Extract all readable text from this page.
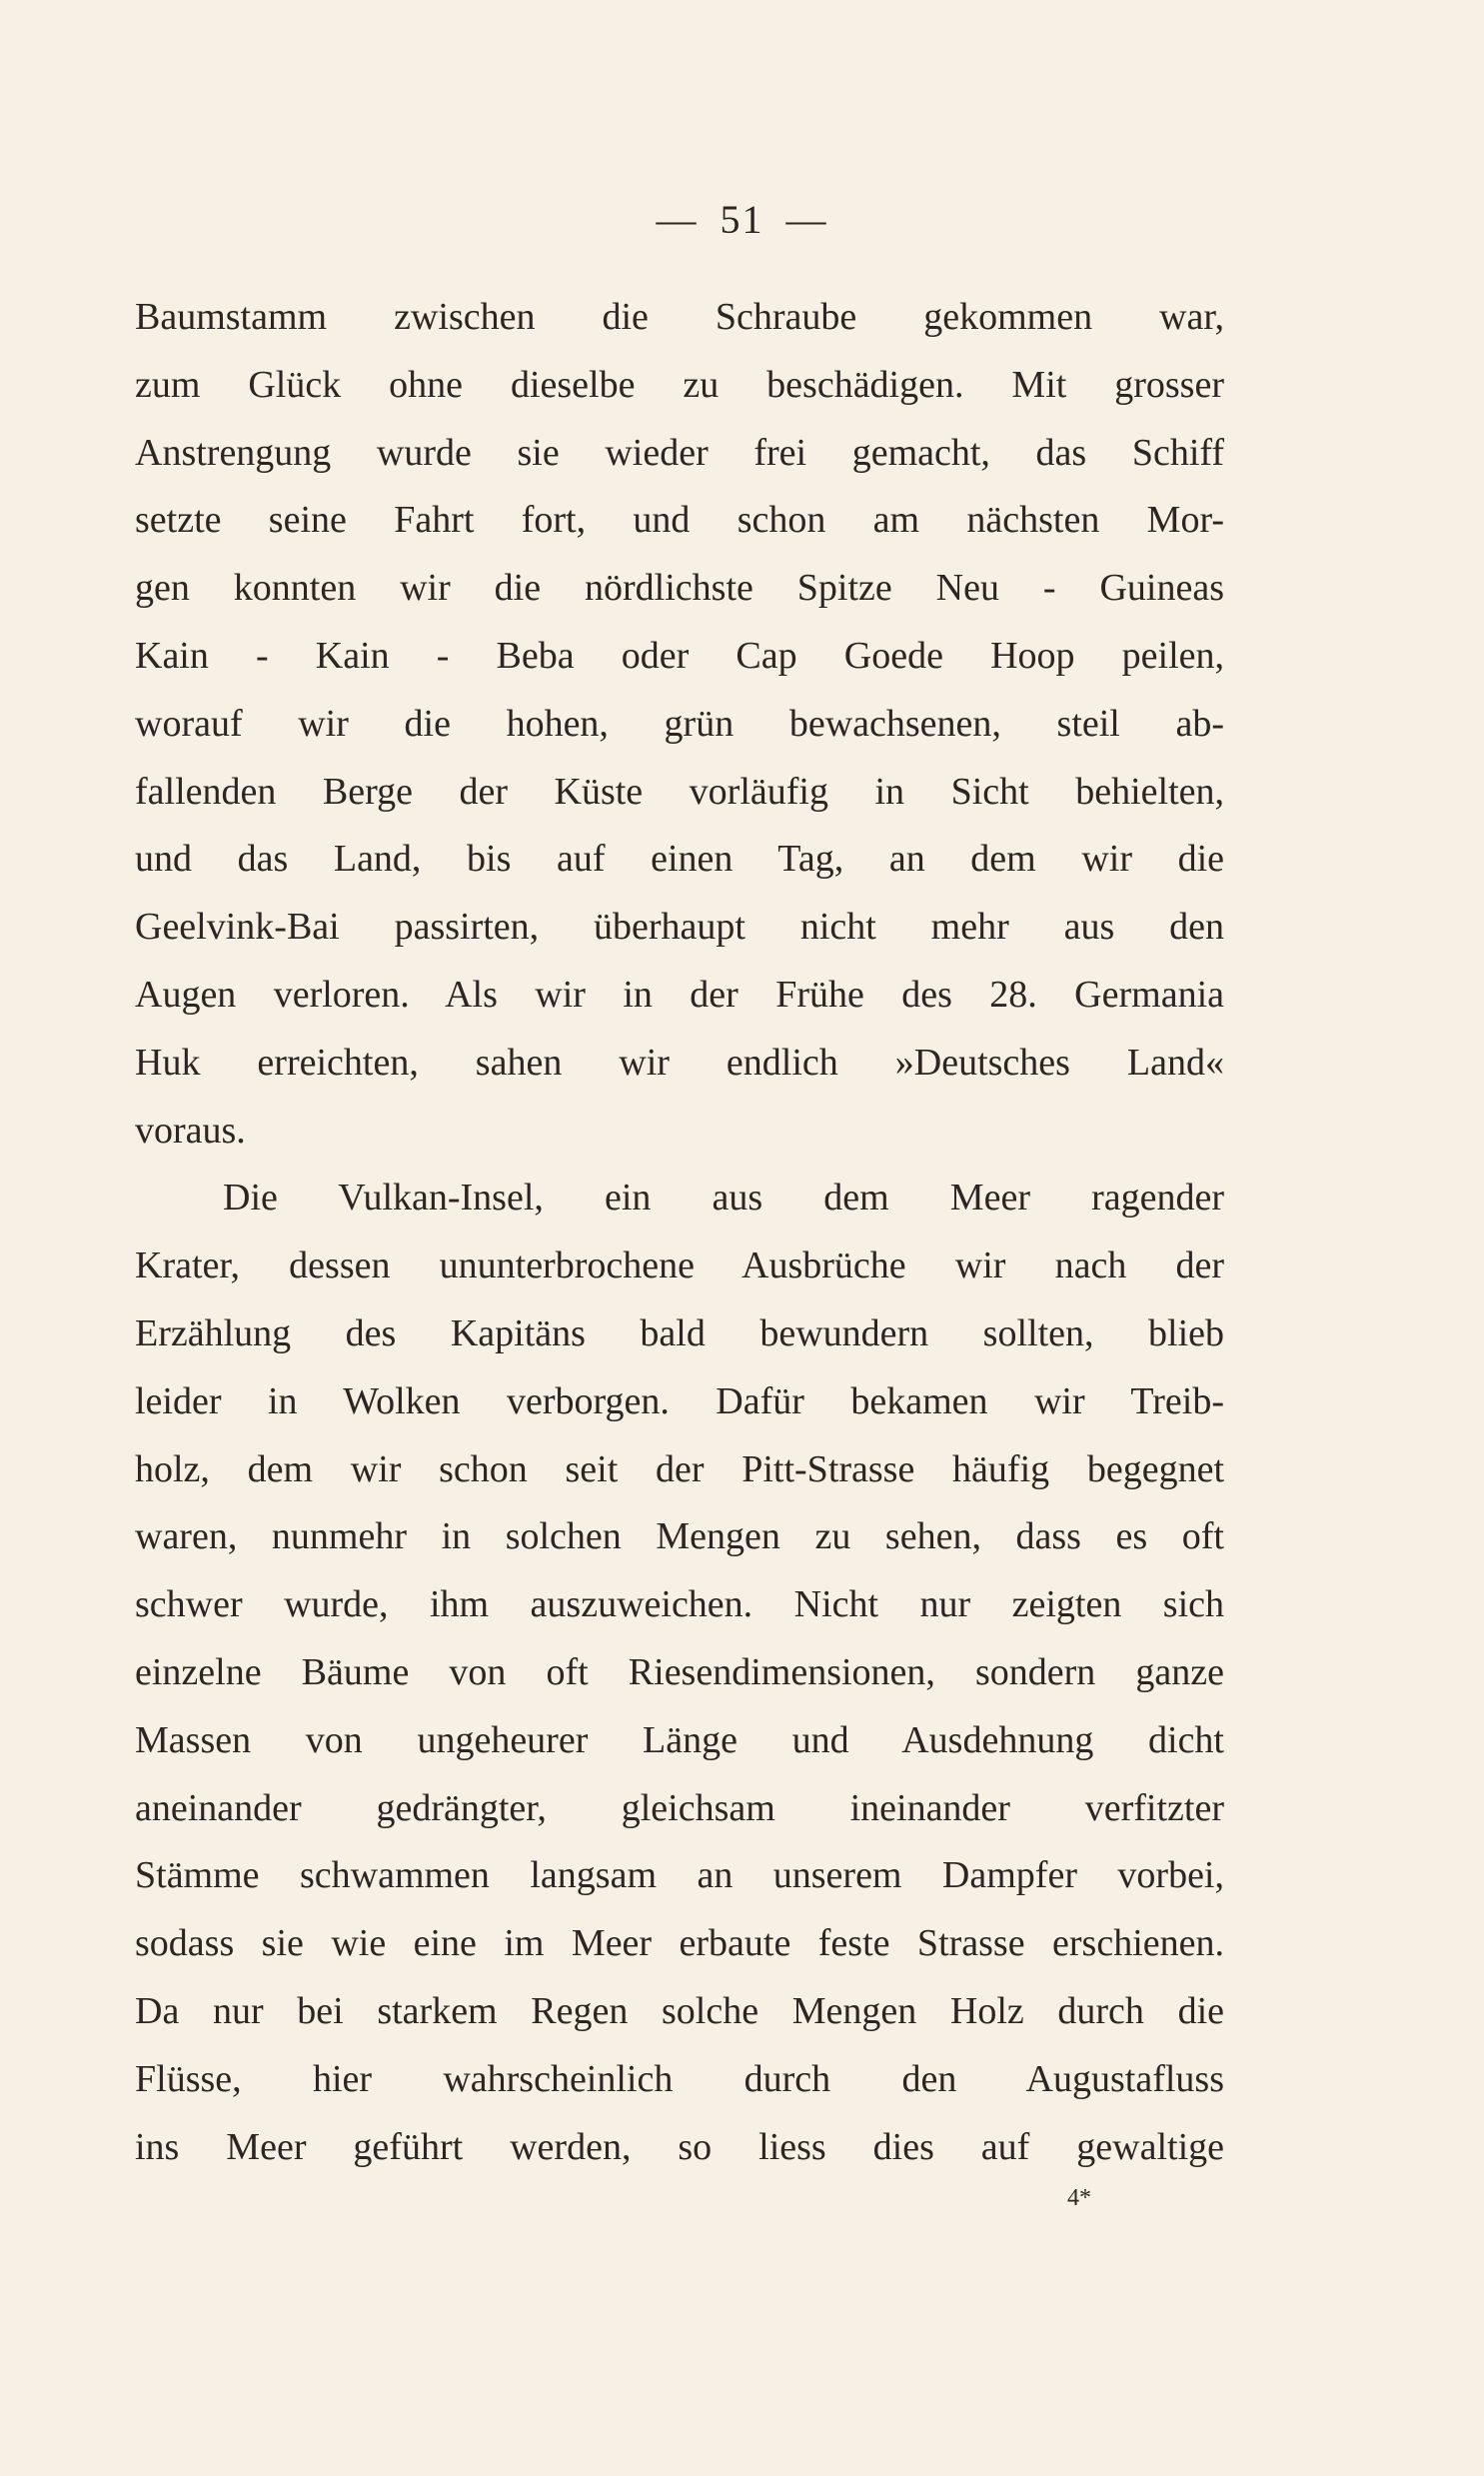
— 51 —
Baumstamm zwischen die Schraube gekommen war,
zum Glück ohne dieselbe zu beschädigen. Mit grosser
Anstrengung wurde sie wieder frei gemacht, das Schiff
setzte seine Fahrt fort, und schon am nächsten Mor-
gen konnten wir die nördlichste Spitze Neu - Guineas
Kain - Kain - Beba oder Cap Goede Hoop peilen,
worauf wir die hohen, grün bewachsenen, steil ab-
fallenden Berge der Küste vorläufig in Sicht behielten,
und das Land, bis auf einen Tag, an dem wir die
Geelvink-Bai passirten, überhaupt nicht mehr aus den
Augen verloren. Als wir in der Frühe des 28. Germania
Huk erreichten, sahen wir endlich »Deutsches Land«
voraus.
Die Vulkan-Insel, ein aus dem Meer ragender
Krater, dessen ununterbrochene Ausbrüche wir nach der
Erzählung des Kapitäns bald bewundern sollten, blieb
leider in Wolken verborgen. Dafür bekamen wir Treib-
holz, dem wir schon seit der Pitt-Strasse häufig begegnet
waren, nunmehr in solchen Mengen zu sehen, dass es oft
schwer wurde, ihm auszuweichen. Nicht nur zeigten sich
einzelne Bäume von oft Riesendimensionen, sondern ganze
Massen von ungeheurer Länge und Ausdehnung dicht
aneinander gedrängter, gleichsam ineinander verfitzter
Stämme schwammen langsam an unserem Dampfer vorbei,
sodass sie wie eine im Meer erbaute feste Strasse erschienen.
Da nur bei starkem Regen solche Mengen Holz durch die
Flüsse, hier wahrscheinlich durch den Augustafluss
ins Meer geführt werden, so liess dies auf gewaltige
4*
